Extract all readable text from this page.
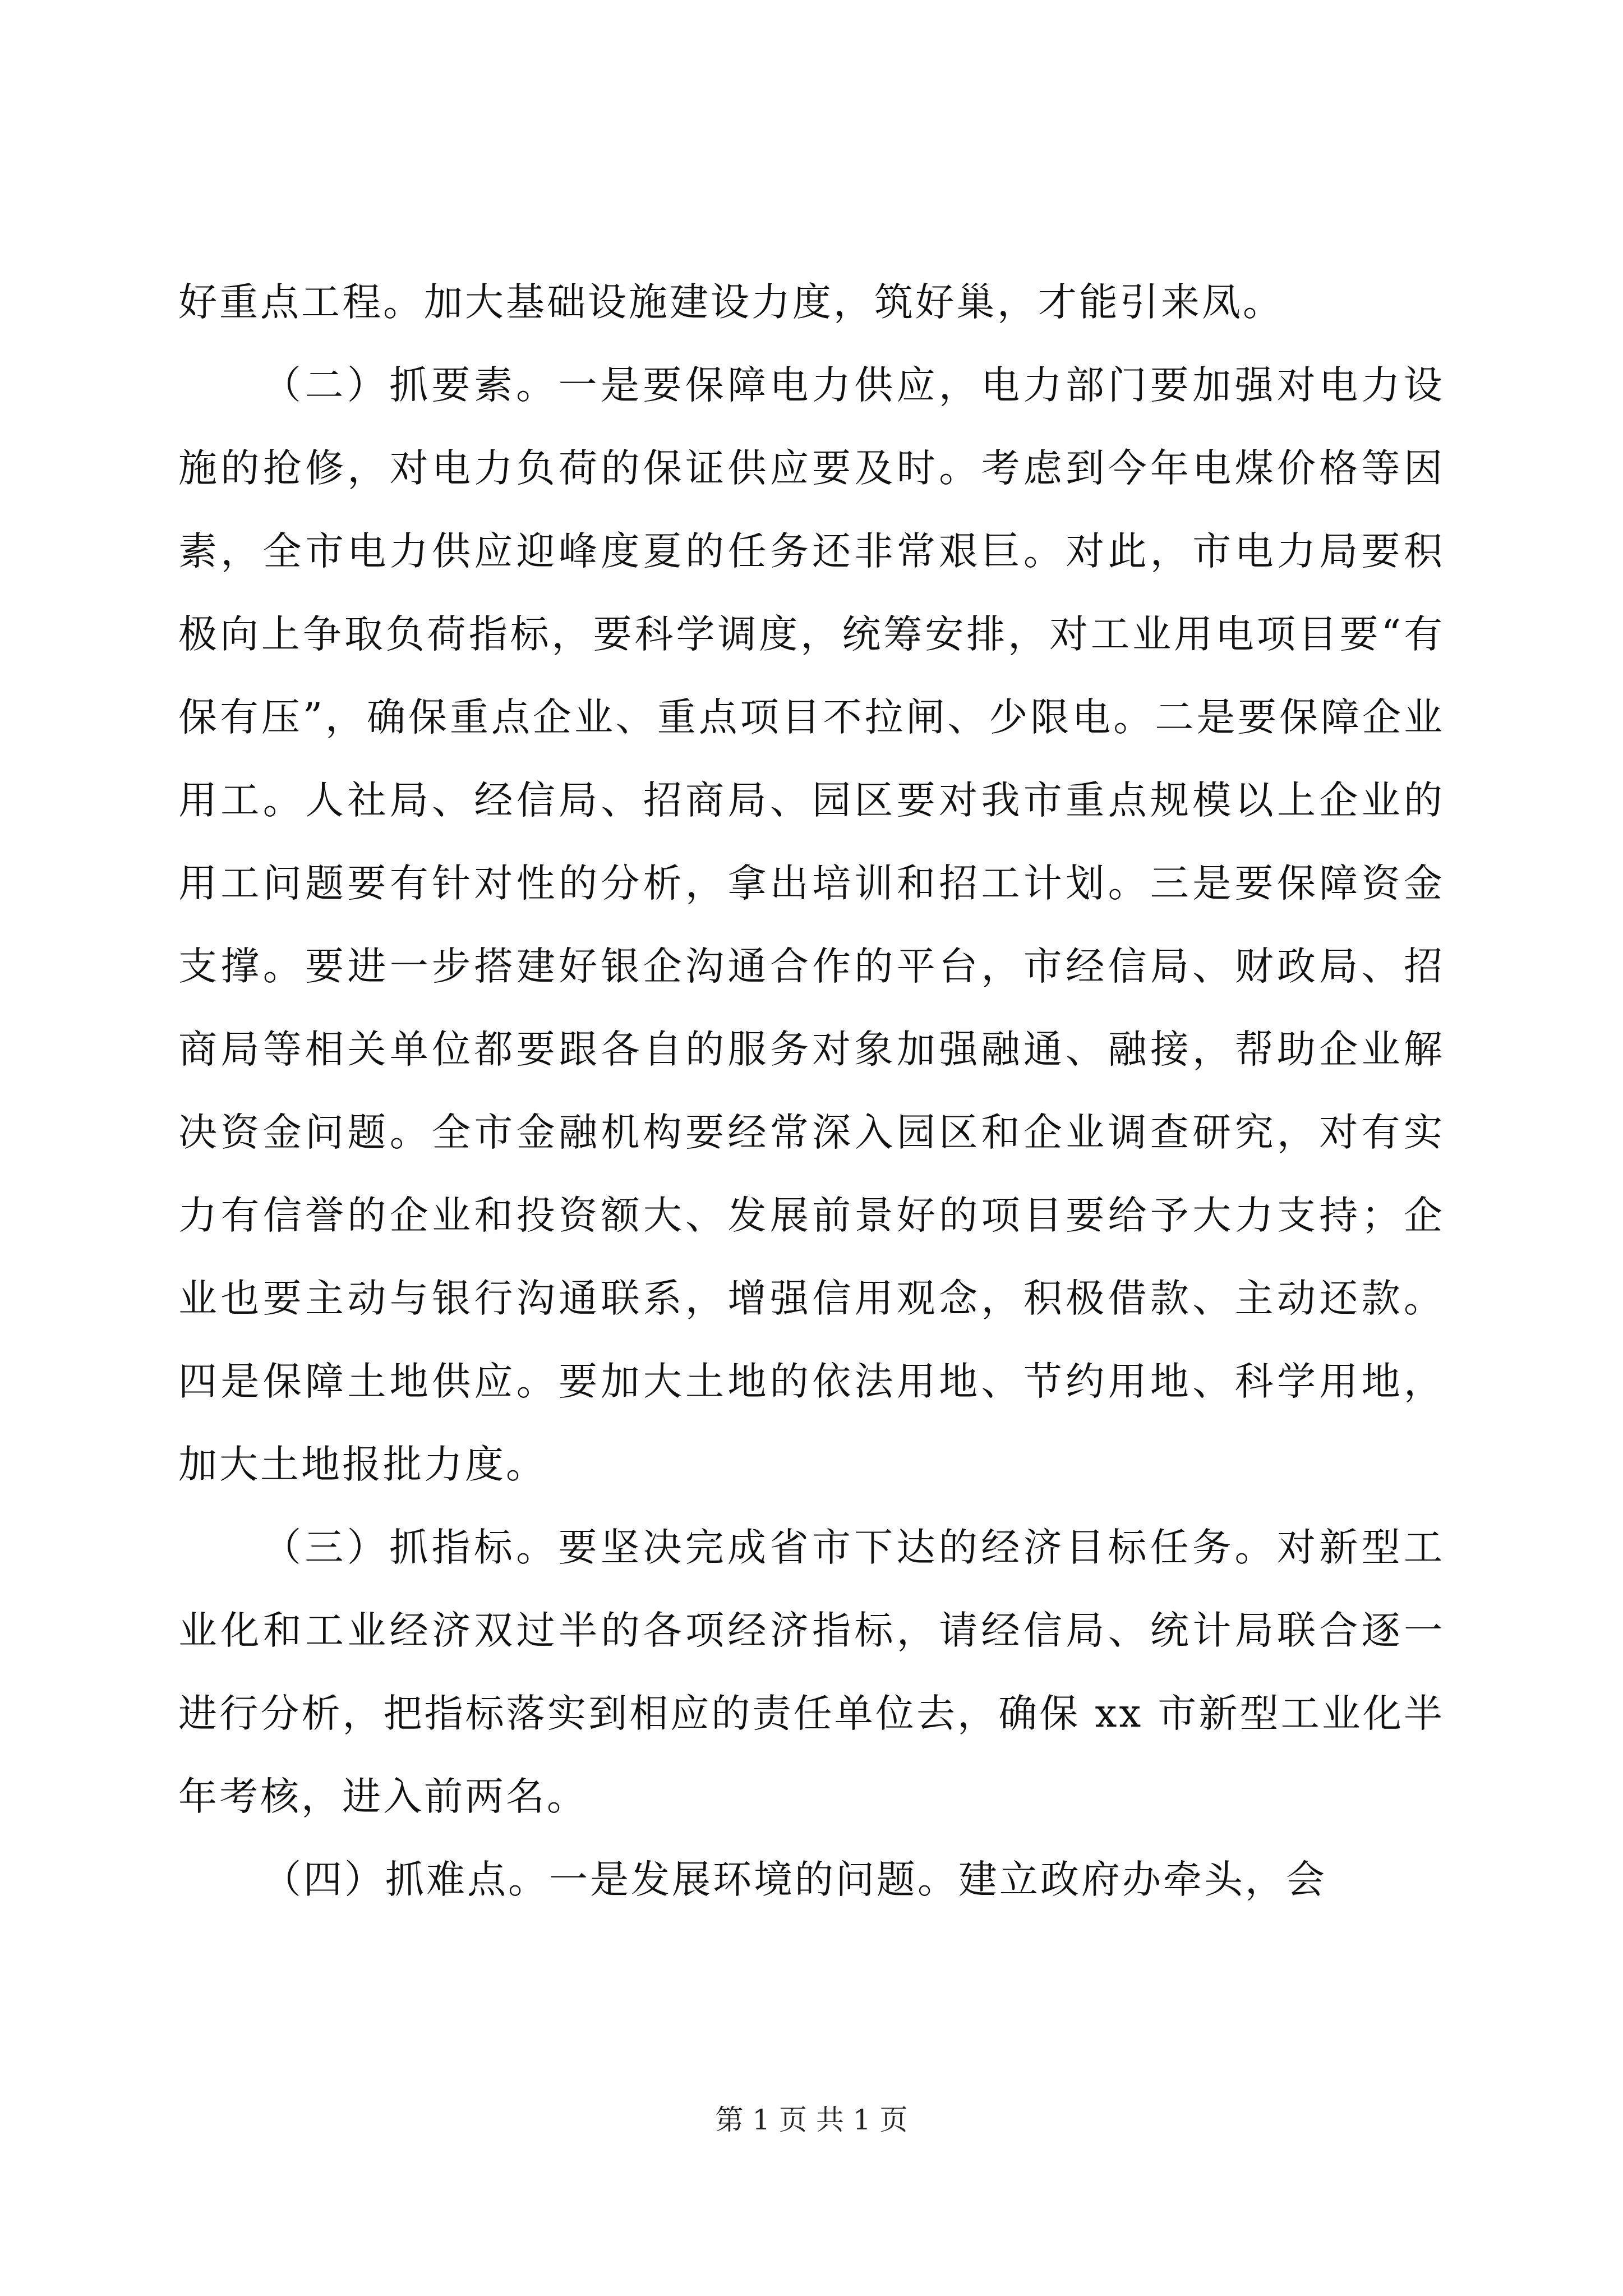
好重点工程。加大基础设施建设力度，筑好巢，才能引来凤。

（二）抓要素。一是要保障电力供应，电力部门要加强对电力设施的抢修，对电力负荷的保证供应要及时。考虑到今年电煤价格等因素，全市电力供应迎峰度夏的任务还非常艰巨。对此，市电力局要积极向上争取负荷指标，要科学调度，统筹安排，对工业用电项目要“有保有压”，确保重点企业、重点项目不拉闸、少限电。二是要保障企业用工。人社局、经信局、招商局、园区要对我市重点规模以上企业的用工问题要有针对性的分析，拿出培训和招工计划。三是要保障资金支撑。要进一步搭建好银企沟通合作的平台，市经信局、财政局、招商局等相关单位都要跟各自的服务对象加强融通、融接，帮助企业解决资金问题。全市金融机构要经常深入园区和企业调查研究，对有实力有信誉的企业和投资额大、发展前景好的项目要给予大力支持；企业也要主动与银行沟通联系，增强信用观念，积极借款、主动还款。四是保障土地供应。要加大土地的依法用地、节约用地、科学用地，加大土地报批力度。

（三）抓指标。要坚决完成省市下达的经济目标任务。对新型工业化和工业经济双过半的各项经济指标，请经信局、统计局联合逐一进行分析，把指标落实到相应的责任单位去，确保 xx 市新型工业化半年考核，进入前两名。

（四）抓难点。一是发展环境的问题。建立政府办牵头，会

第 1 页 共 1 页
